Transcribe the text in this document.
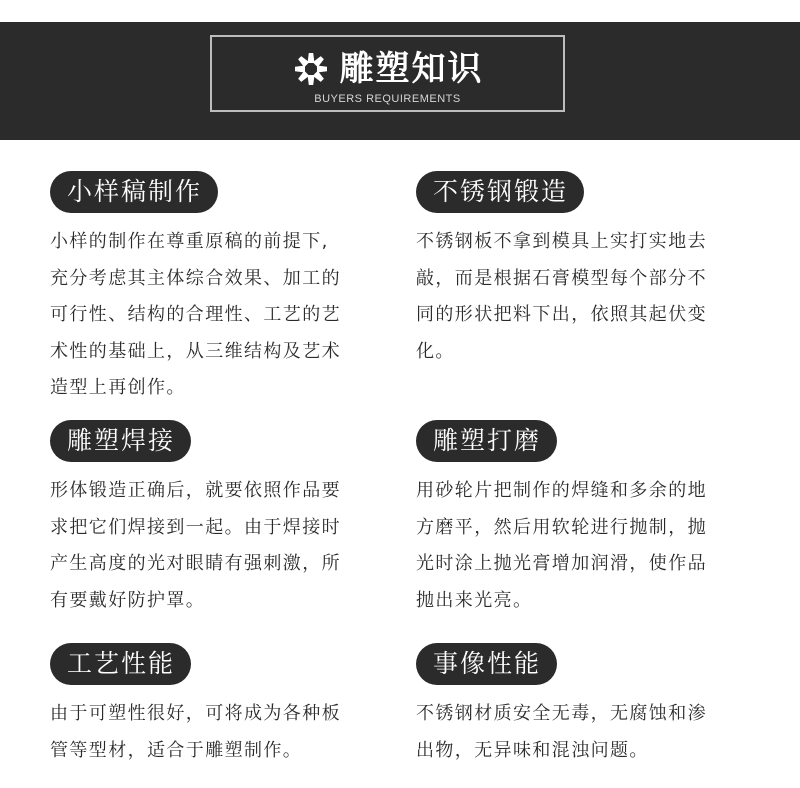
雕塑知识
BUYERS REQUIREMENTS
小样稿制作
小样的制作在尊重原稿的前提下,
充分考虑其主体综合效果、加工的
可行性、结构的合理性、工艺的艺
术性的基础上，从三维结构及艺术
造型上再创作。
不锈钢锻造
不锈钢板不拿到模具上实打实地去
敲，而是根据石膏模型每个部分不
同的形状把料下出，依照其起伏变
化。
雕塑焊接
形体锻造正确后，就要依照作品要
求把它们焊接到一起。由于焊接时
产生高度的光对眼睛有强刺激，所
有要戴好防护罩。
雕塑打磨
用砂轮片把制作的焊缝和多余的地
方磨平，然后用软轮进行抛制，抛
光时涂上抛光膏增加润滑，使作品
抛出来光亮。
工艺性能
由于可塑性很好，可将成为各种板
管等型材，适合于雕塑制作。
事像性能
不锈钢材质安全无毒，无腐蚀和渗
出物，无异味和混浊问题。
